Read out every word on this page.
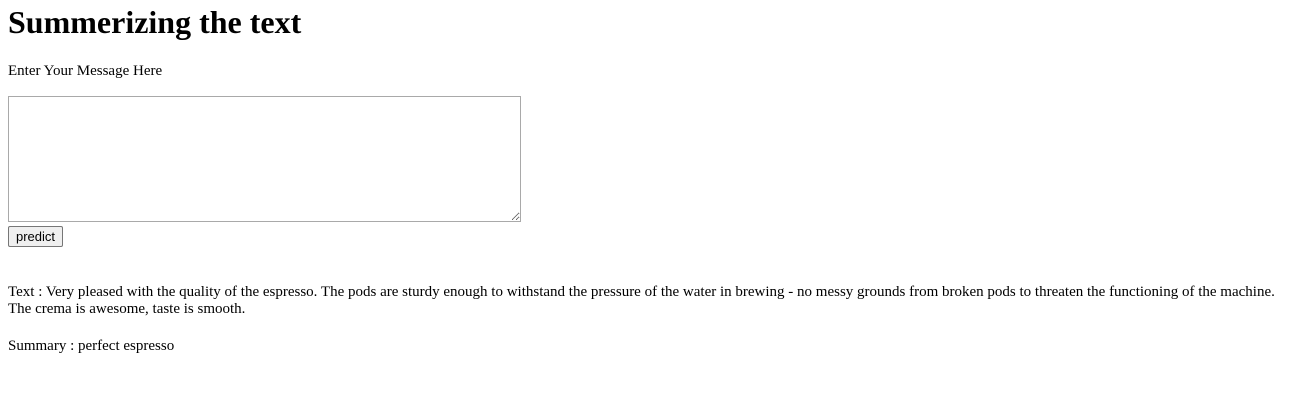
Summerizing the text
Enter Your Message Here
predict
Text : Very pleased with the quality of the espresso. The pods are sturdy enough to withstand the pressure of the water in brewing - no messy grounds from broken pods to threaten the functioning of the machine. The crema is awesome, taste is smooth.
Summary : perfect espresso
